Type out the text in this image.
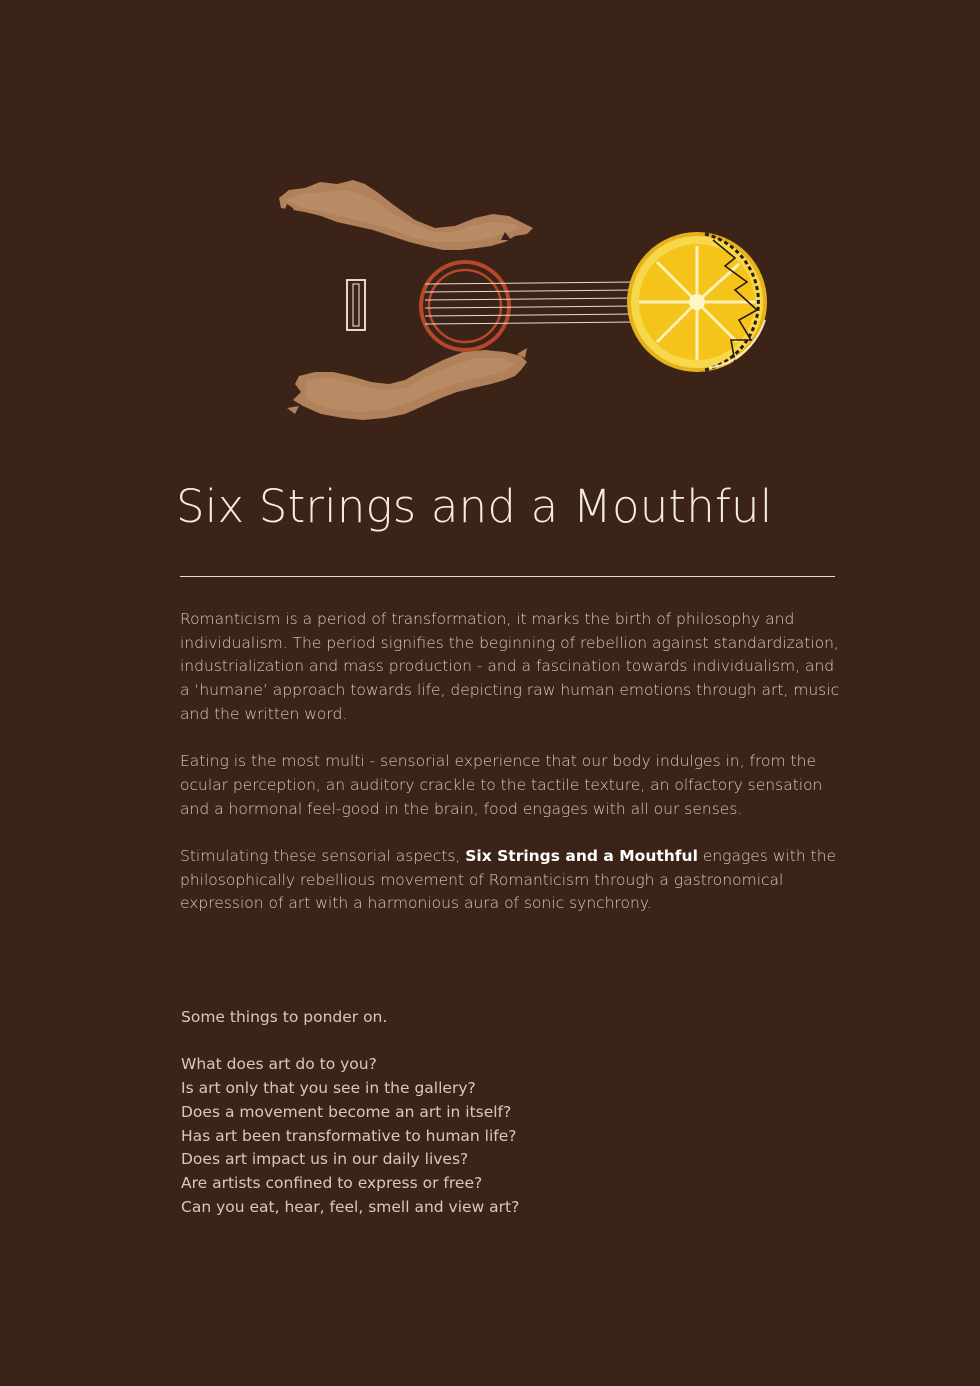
Six Strings and a Mouthful

Romanticism is a period of transformation, it marks the birth of philosophy and individualism. The period signifies the beginning of rebellion against standardization, industrialization and mass production - and a fascination towards individualism, and a ‘humane’ approach towards life, depicting raw human emotions through art, music and the written word.

Eating is the most multi - sensorial experience that our body indulges in, from the ocular perception, an auditory crackle to the tactile texture, an olfactory sensation and a hormonal feel-good in the brain, food engages with all our senses.

Stimulating these sensorial aspects, Six Strings and a Mouthful engages with the philosophically rebellious movement of Romanticism through a gastronomical expression of art with a harmonious aura of sonic synchrony.

Some things to ponder on.
What does art do to you?
Is art only that you see in the gallery?
Does a movement become an art in itself?
Has art been transformative to human life?
Does art impact us in our daily lives?
Are artists confined to express or free?
Can you eat, hear, feel, smell and view art?
